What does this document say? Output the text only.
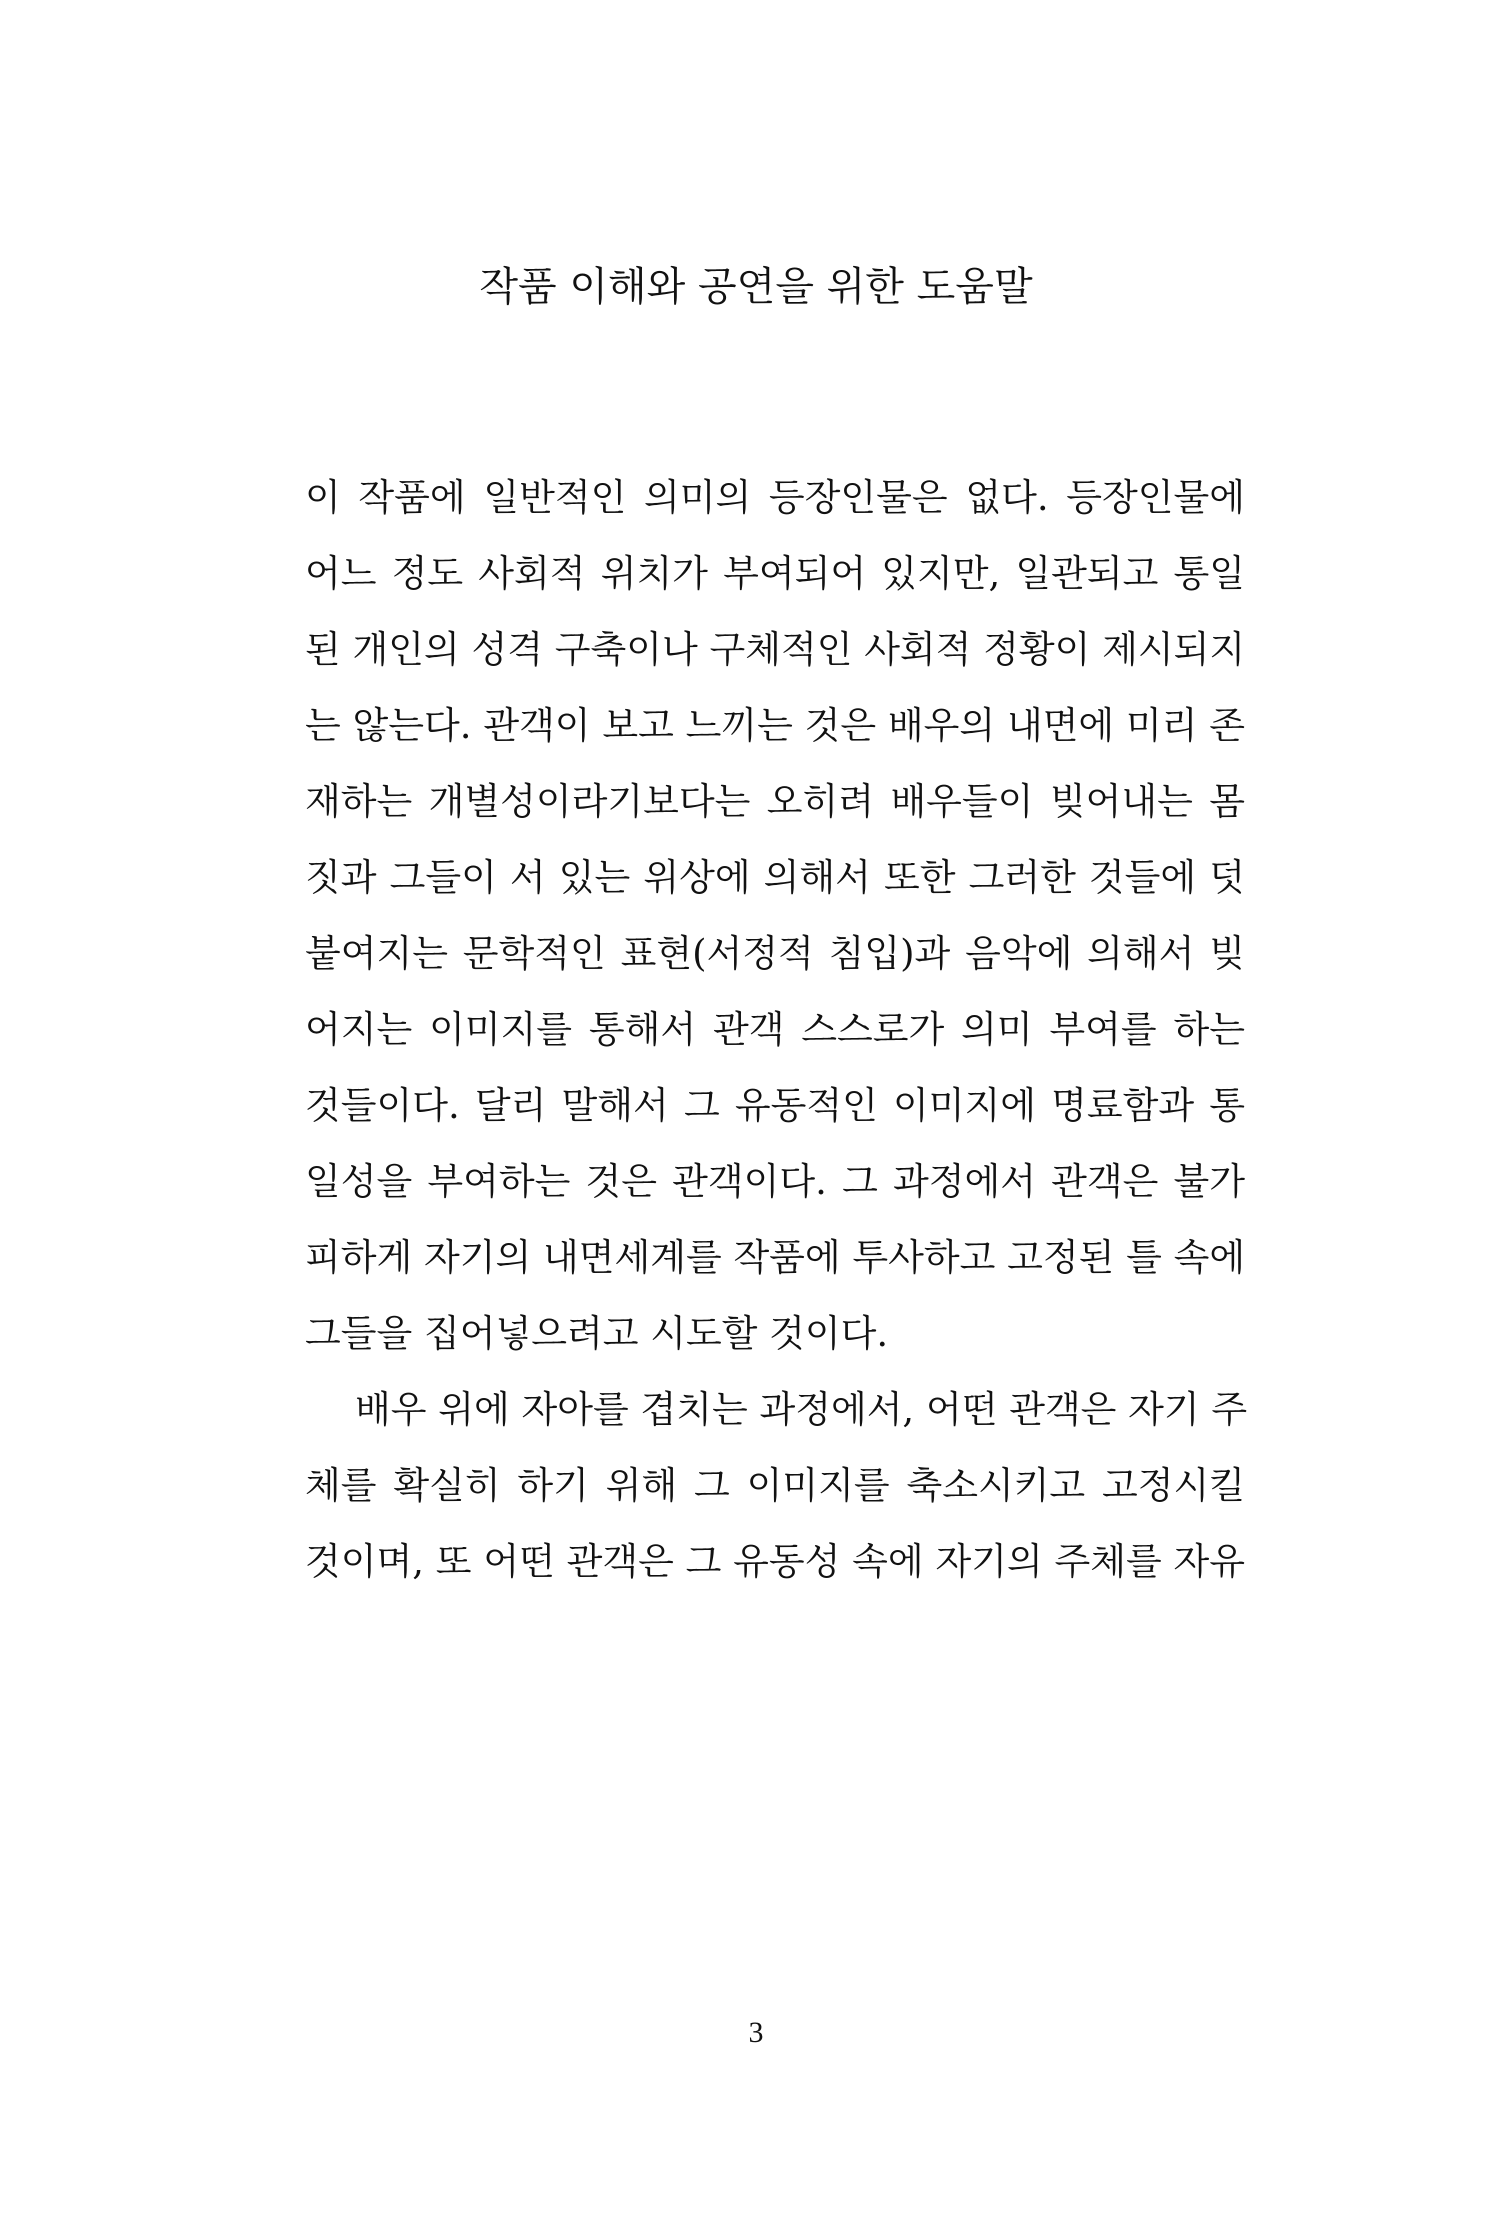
작품 이해와 공연을 위한 도움말
이 작품에 일반적인 의미의 등장인물은 없다. 등장인물에
어느 정도 사회적 위치가 부여되어 있지만, 일관되고 통일
된 개인의 성격 구축이나 구체적인 사회적 정황이 제시되지
는 않는다. 관객이 보고 느끼는 것은 배우의 내면에 미리 존
재하는 개별성이라기보다는 오히려 배우들이 빚어내는 몸
짓과 그들이 서 있는 위상에 의해서 또한 그러한 것들에 덧
붙여지는 문학적인 표현(서정적 침입)과 음악에 의해서 빚
어지는 이미지를 통해서 관객 스스로가 의미 부여를 하는
것들이다. 달리 말해서 그 유동적인 이미지에 명료함과 통
일성을 부여하는 것은 관객이다. 그 과정에서 관객은 불가
피하게 자기의 내면세계를 작품에 투사하고 고정된 틀 속에
그들을 집어넣으려고 시도할 것이다.
배우 위에 자아를 겹치는 과정에서, 어떤 관객은 자기 주
체를 확실히 하기 위해 그 이미지를 축소시키고 고정시킬
것이며, 또 어떤 관객은 그 유동성 속에 자기의 주체를 자유
3
